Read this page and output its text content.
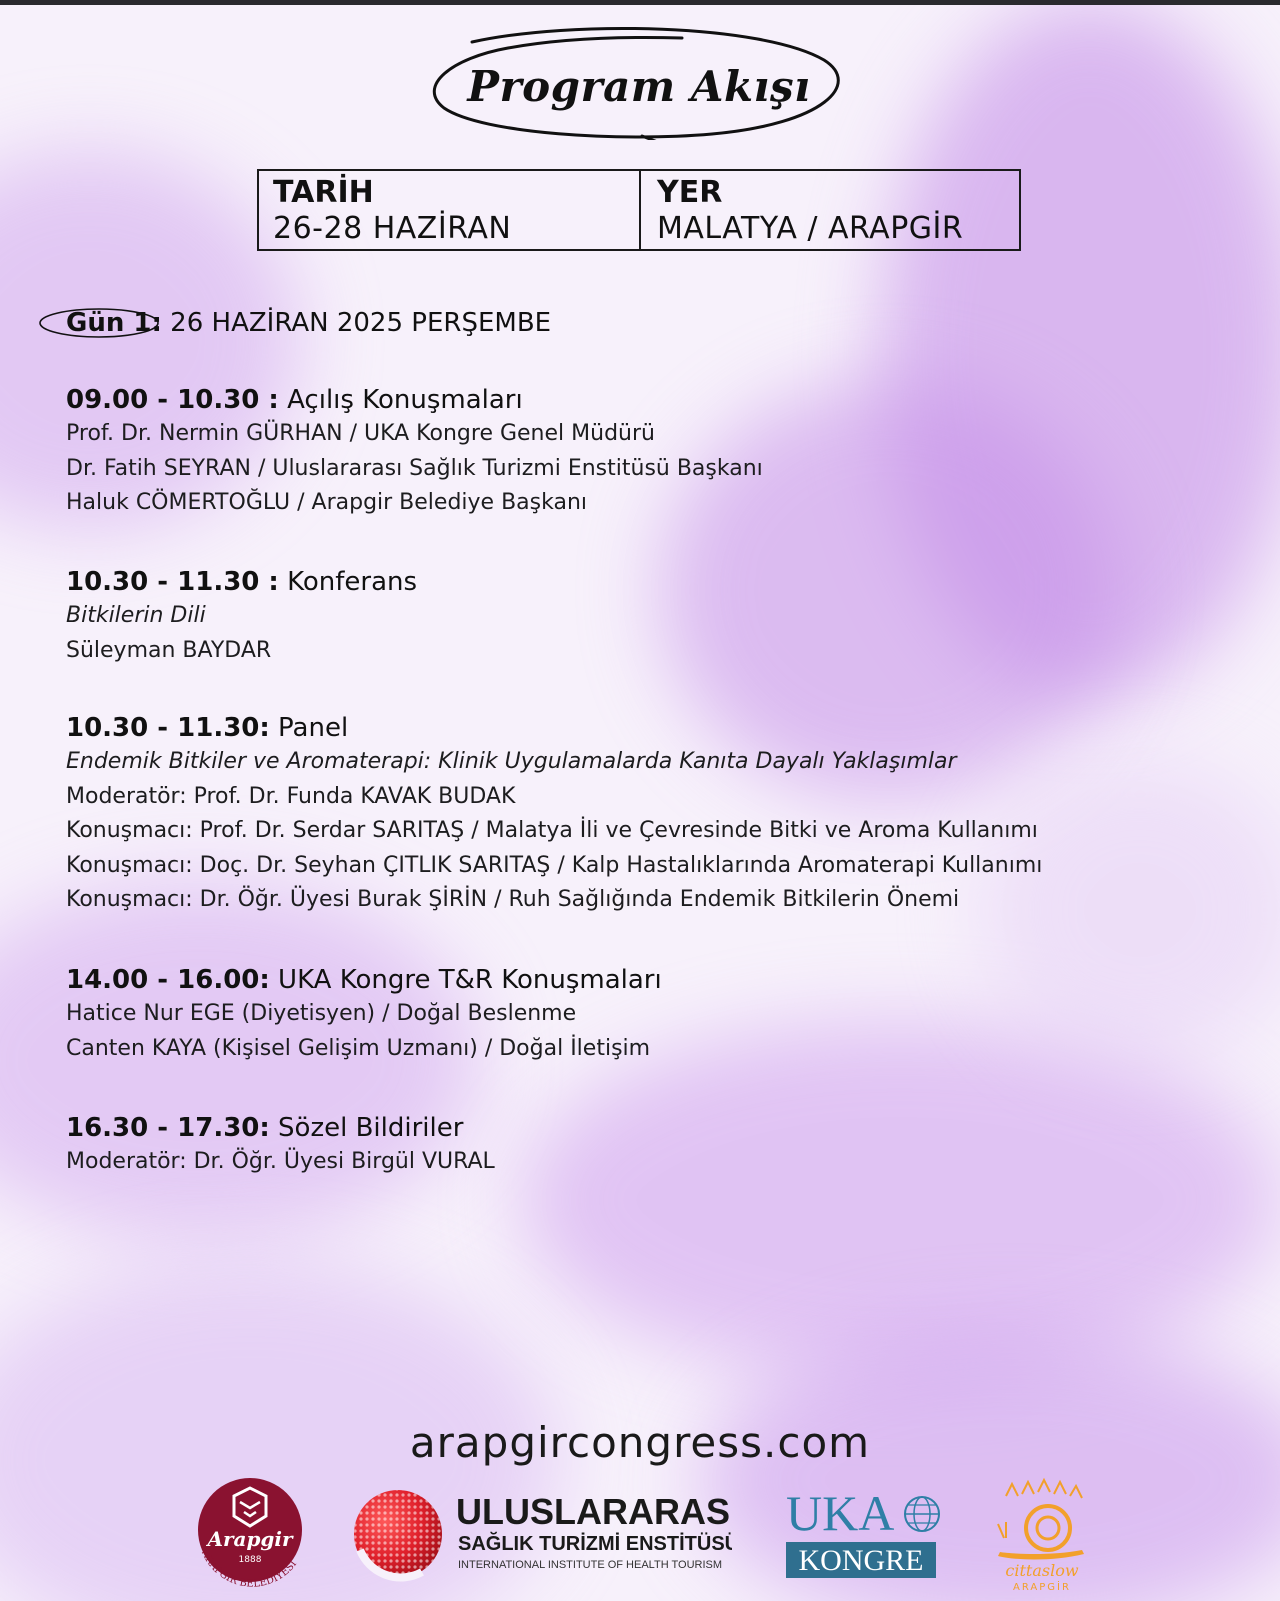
Program Akışı
TARİH
26-28 HAZİRAN
YER
MALATYA / ARAPGİR
Gün 1: 26 HAZİRAN 2025 PERŞEMBE
09.00 - 10.30 : Açılış Konuşmaları
Prof. Dr. Nermin GÜRHAN / UKA Kongre Genel Müdürü
Dr. Fatih SEYRAN / Uluslararası Sağlık Turizmi Enstitüsü Başkanı
Haluk CÖMERTOĞLU / Arapgir Belediye Başkanı
10.30 - 11.30 : Konferans
Bitkilerin Dili
Süleyman BAYDAR
10.30 - 11.30: Panel
Endemik Bitkiler ve Aromaterapi: Klinik Uygulamalarda Kanıta Dayalı Yaklaşımlar
Moderatör: Prof. Dr. Funda KAVAK BUDAK
Konuşmacı: Prof. Dr. Serdar SARITAŞ / Malatya İli ve Çevresinde Bitki ve Aroma Kullanımı
Konuşmacı: Doç. Dr. Seyhan ÇITLIK SARITAŞ / Kalp Hastalıklarında Aromaterapi Kullanımı
Konuşmacı: Dr. Öğr. Üyesi Burak ŞİRİN / Ruh Sağlığında Endemik Bitkilerin Önemi
14.00 - 16.00: UKA Kongre T&R Konuşmaları
Hatice Nur EGE (Diyetisyen) / Doğal Beslenme
Canten KAYA (Kişisel Gelişim Uzmanı) / Doğal İletişim
16.30 - 17.30: Sözel Bildiriler
Moderatör: Dr. Öğr. Üyesi Birgül VURAL
arapgircongress.com
Arapgir
1888
ARAPGİR BELEDİYESİ
ULUSLARARASI
SAĞLIK TURİZMİ ENSTİTÜSÜ
INTERNATIONAL INSTITUTE OF HEALTH TOURISM
UKA
KONGRE	cittaslow
ARAPGİR
